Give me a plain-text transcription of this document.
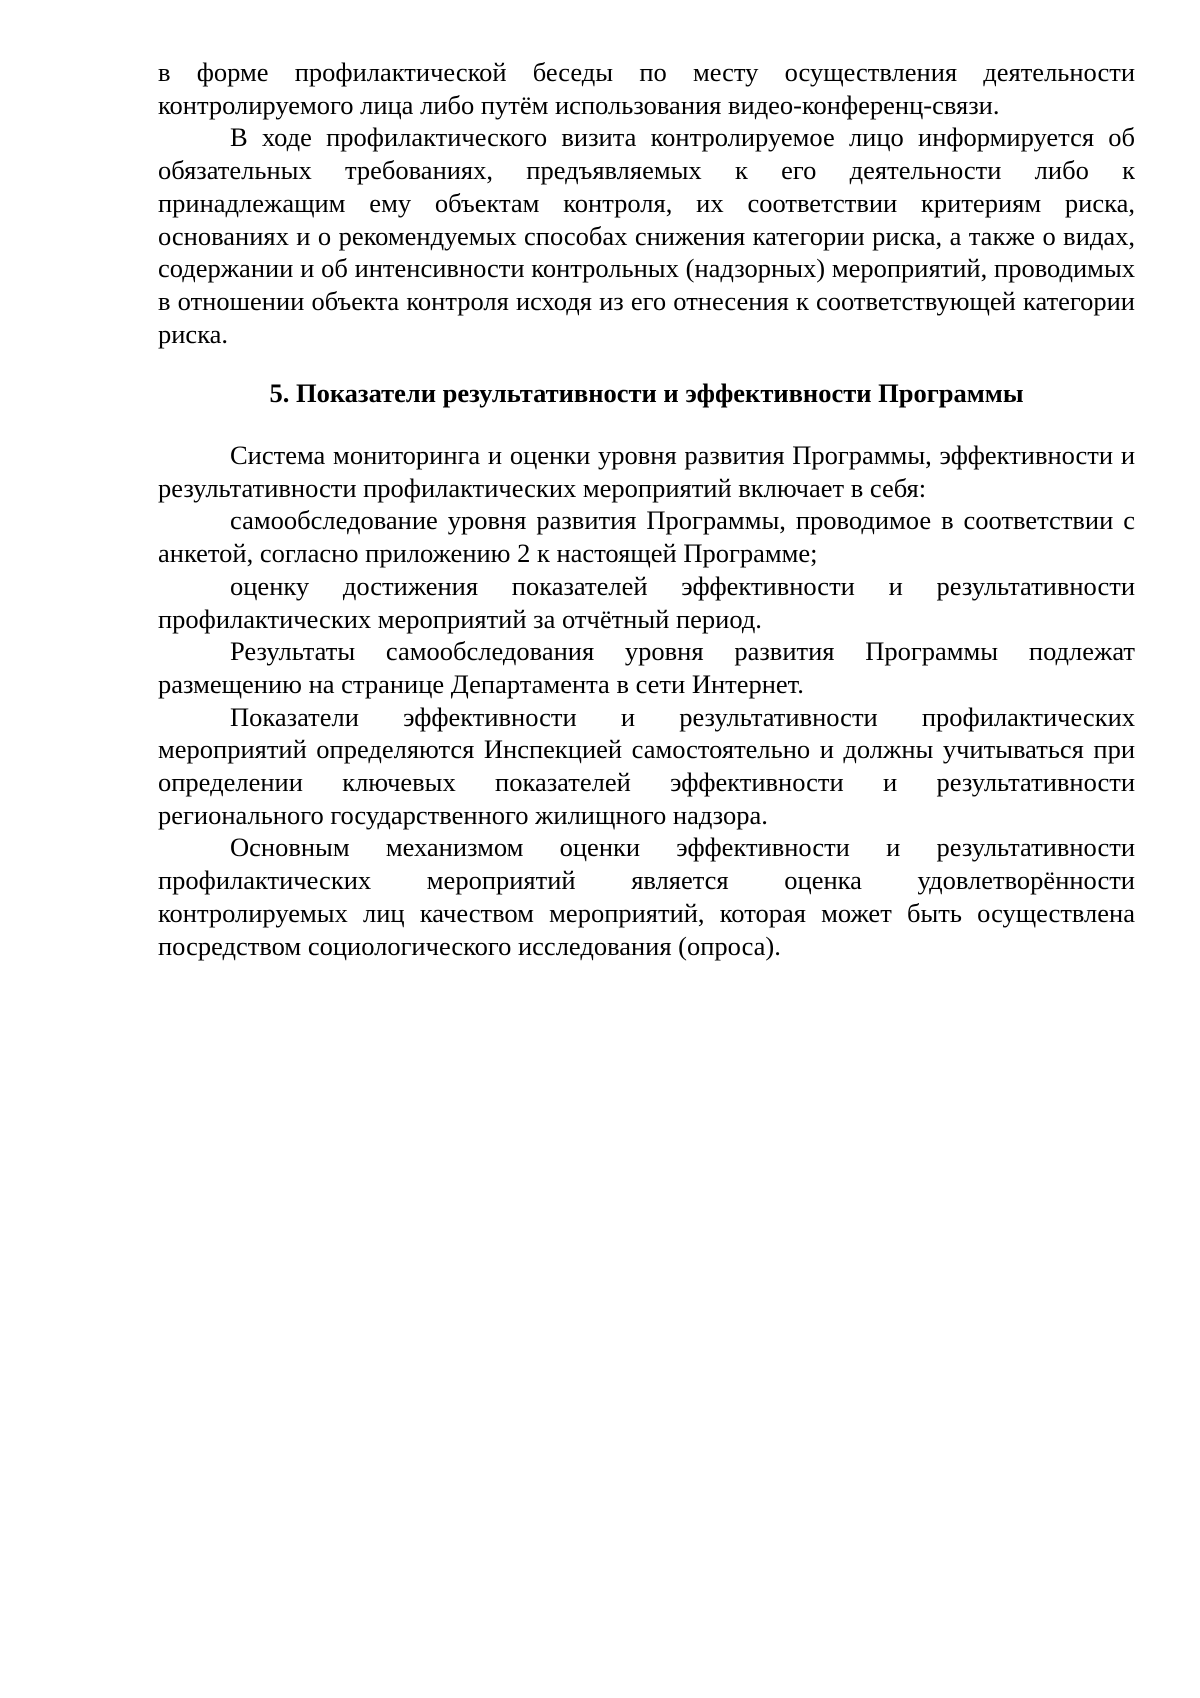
в форме профилактической беседы по месту осуществления деятельности контролируемого лица либо путём использования видео-конференц-связи.

В ходе профилактического визита контролируемое лицо информируется об обязательных требованиях, предъявляемых к его деятельности либо к принадлежащим ему объектам контроля, их соответствии критериям риска, основаниях и о рекомендуемых способах снижения категории риска, а также о видах, содержании и об интенсивности контрольных (надзорных) мероприятий, проводимых в отношении объекта контроля исходя из его отнесения к соответствующей категории риска.

5. Показатели результативности и эффективности Программы

Система мониторинга и оценки уровня развития Программы, эффективности и результативности профилактических мероприятий включает в себя:

самообследование уровня развития Программы, проводимое в соответствии с анкетой, согласно приложению 2 к настоящей Программе;

оценку достижения показателей эффективности и результативности профилактических мероприятий за отчётный период.

Результаты самообследования уровня развития Программы подлежат размещению на странице Департамента в сети Интернет.

Показатели эффективности и результативности профилактических мероприятий определяются Инспекцией самостоятельно и должны учитываться при определении ключевых показателей эффективности и результативности регионального государственного жилищного надзора.

Основным механизмом оценки эффективности и результативности профилактических мероприятий является оценка удовлетворённости контролируемых лиц качеством мероприятий, которая может быть осуществлена посредством социологического исследования (опроса).
